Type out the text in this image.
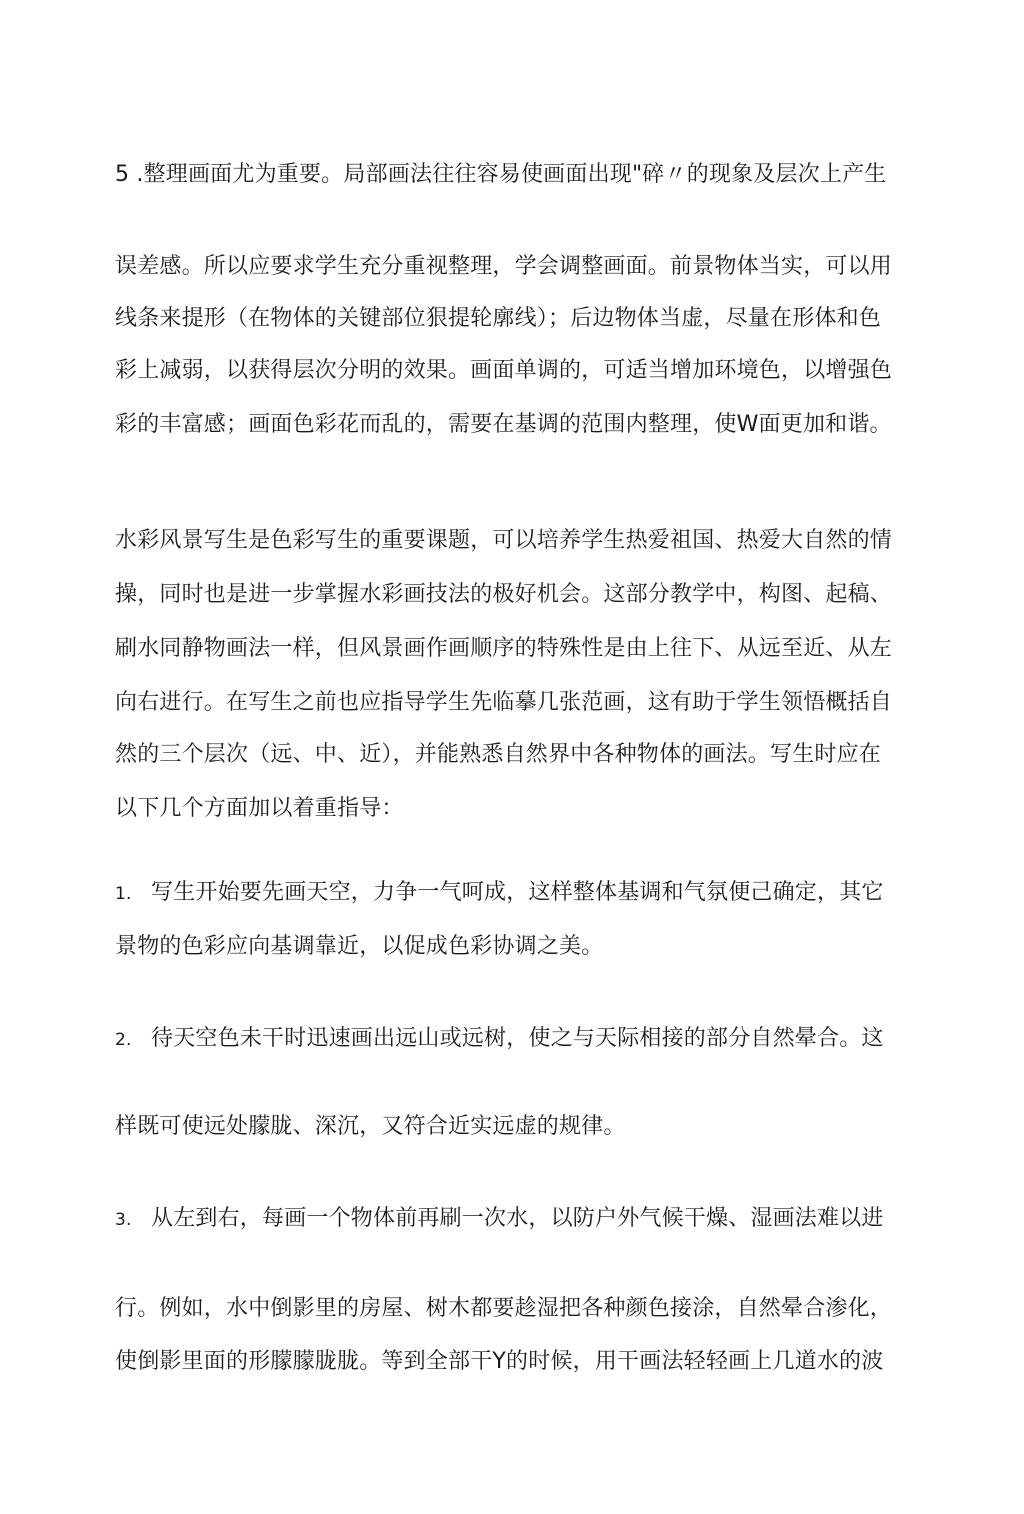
5 .整理画面尤为重要。局部画法往往容易使画面出现"碎〃的现象及层次上产生
误差感。所以应要求学生充分重视整理，学会调整画面。前景物体当实，可以用
线条来提形（在物体的关键部位狠提轮廓线）；后边物体当虚，尽量在形体和色
彩上减弱，以获得层次分明的效果。画面单调的，可适当增加环境色，以增强色
彩的丰富感；画面色彩花而乱的，需要在基调的范围内整理，使W面更加和谐。
水彩风景写生是色彩写生的重要课题，可以培养学生热爱祖国、热爱大自然的情
操，同时也是进一步掌握水彩画技法的极好机会。这部分教学中，构图、起稿、
刷水同静物画法一样，但风景画作画顺序的特殊性是由上往下、从远至近、从左
向右进行。在写生之前也应指导学生先临摹几张范画，这有助于学生领悟概括自
然的三个层次（远、中、近），并能熟悉自然界中各种物体的画法。写生时应在
以下几个方面加以着重指导：
1. 写生开始要先画天空，力争一气呵成，这样整体基调和气氛便己确定，其它
景物的色彩应向基调靠近，以促成色彩协调之美。
2. 待天空色未干时迅速画出远山或远树，使之与天际相接的部分自然晕合。这
样既可使远处朦胧、深沉，又符合近实远虚的规律。
3. 从左到右，每画一个物体前再刷一次水，以防户外气候干燥、湿画法难以进
行。例如，水中倒影里的房屋、树木都要趁湿把各种颜色接涂，自然晕合渗化，
使倒影里面的形朦朦胧胧。等到全部干Y的时候，用干画法轻轻画上几道水的波
